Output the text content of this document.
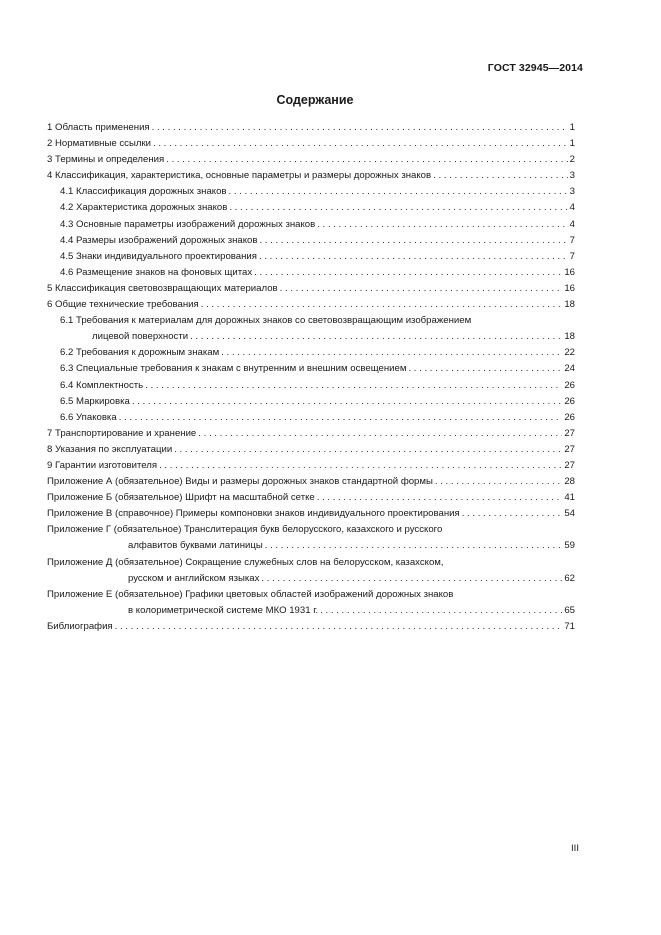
ГОСТ 32945—2014
Содержание
1 Область применения . . .	1
2 Нормативные ссылки . . .	1
3 Термины и определения . . .	2
4 Классификация, характеристика, основные параметры и размеры дорожных знаков . . .	3
4.1 Классификация дорожных знаков . . .	3
4.2 Характеристика дорожных знаков . . .	4
4.3 Основные параметры изображений дорожных знаков . . .	4
4.4 Размеры изображений дорожных знаков . . .	7
4.5 Знаки индивидуального проектирования . . .	7
4.6 Размещение знаков на фоновых щитах . . .	16
5 Классификация световозвращающих материалов . . .	16
6 Общие технические требования . . .	18
6.1 Требования к материалам для дорожных знаков со световозвращающим изображением
лицевой поверхности . . .	18
6.2 Требования к дорожным знакам . . .	22
6.3 Специальные требования к знакам с внутренним и внешним освещением . . .	24
6.4 Комплектность . . .	26
6.5 Маркировка . . .	26
6.6 Упаковка . . .	26
7 Транспортирование и хранение . . .	27
8 Указания по эксплуатации . . .	27
9 Гарантии изготовителя . . .	27
Приложение А (обязательное) Виды и размеры дорожных знаков стандартной формы . . .	28
Приложение Б (обязательное) Шрифт на масштабной сетке . . .	41
Приложение В (справочное) Примеры компоновки знаков индивидуального проектирования . . .	54
Приложение Г (обязательное) Транслитерация букв белорусского, казахского и русского
алфавитов буквами латиницы . . .	59
Приложение Д (обязательное) Сокращение служебных слов на белорусском, казахском,
русском и английском языках . . .	62
Приложение Е (обязательное) Графики цветовых областей изображений дорожных знаков
в колориметрической системе МКО 1931 г. . . .	65
Библиография . . .	71
III
